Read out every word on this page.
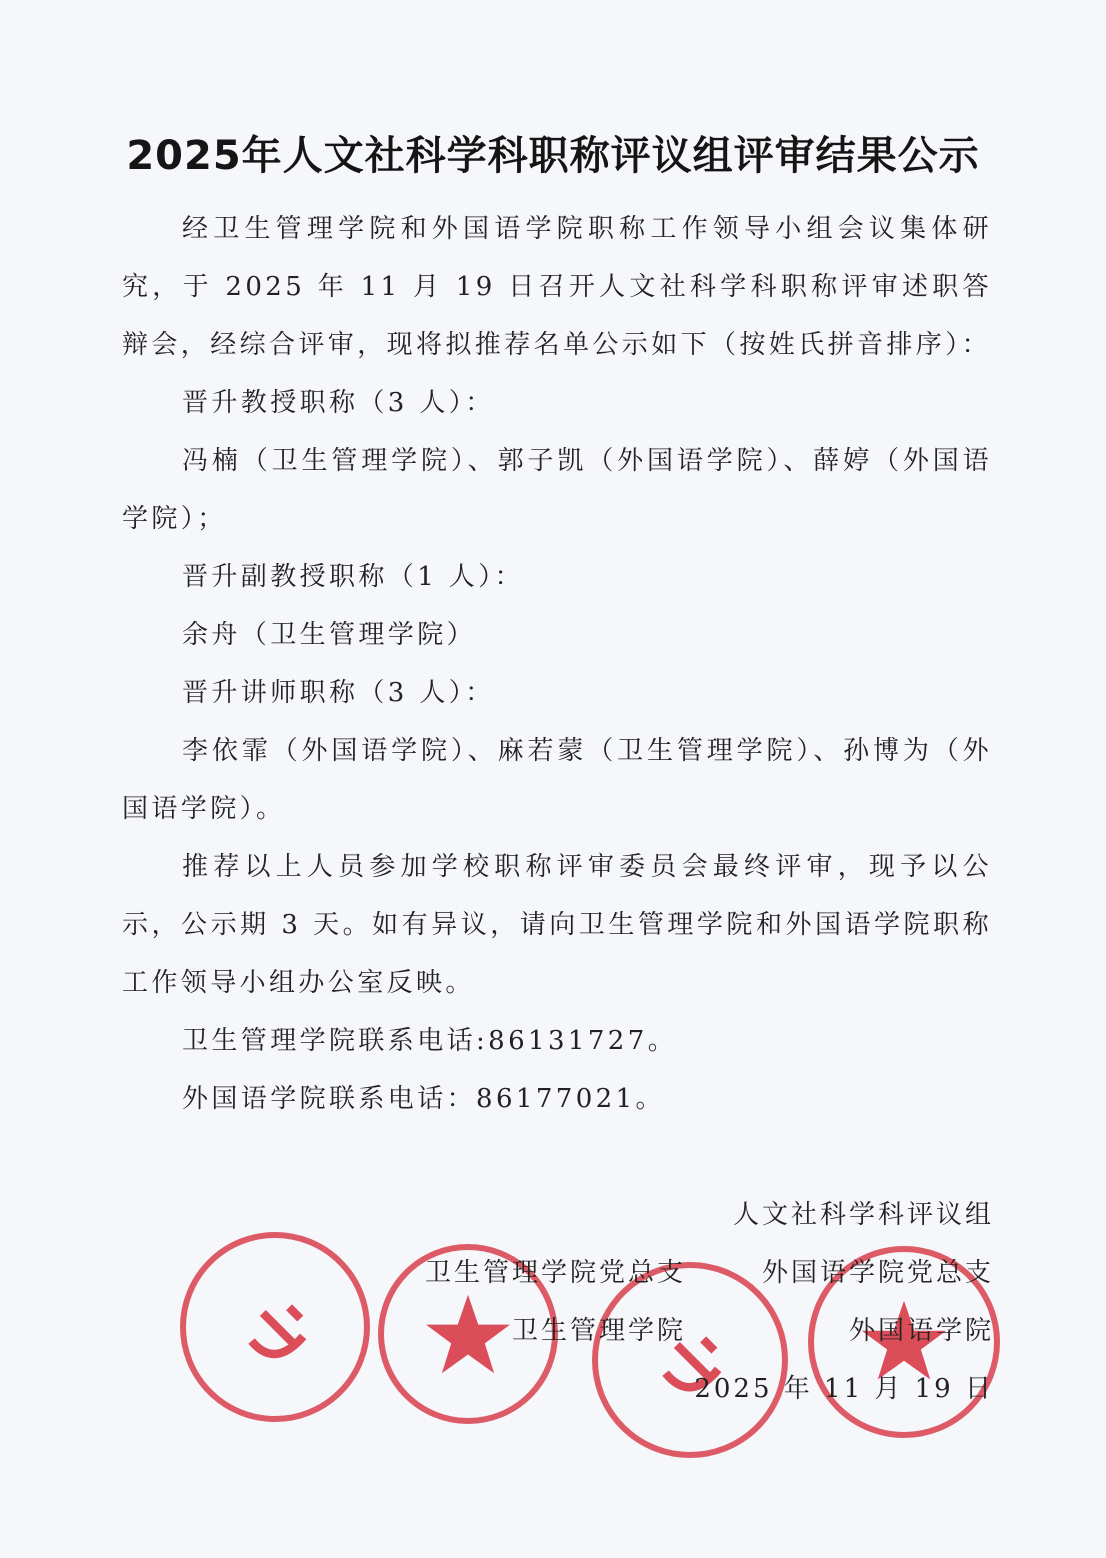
2025年人文社科学科职称评议组评审结果公示

经卫生管理学院和外国语学院职称工作领导小组会议集体研究，于 2025 年 11 月 19 日召开人文社科学科职称评审述职答辩会，经综合评审，现将拟推荐名单公示如下（按姓氏拼音排序）：

晋升教授职称（3 人）：

冯楠（卫生管理学院）、郭子凯（外国语学院）、薛婷（外国语学院）；

晋升副教授职称（1 人）：

余舟（卫生管理学院）

晋升讲师职称（3 人）：

李依霏（外国语学院）、麻若蒙（卫生管理学院）、孙博为（外国语学院）。

推荐以上人员参加学校职称评审委员会最终评审，现予以公示，公示期 3 天。如有异议，请向卫生管理学院和外国语学院职称工作领导小组办公室反映。

卫生管理学院联系电话:86131727。

外国语学院联系电话：86177021。

人文社科学科评议组
卫生管理学院党总支	外国语学院党总支
卫生管理学院	外国语学院
2025 年 11 月 19 日
